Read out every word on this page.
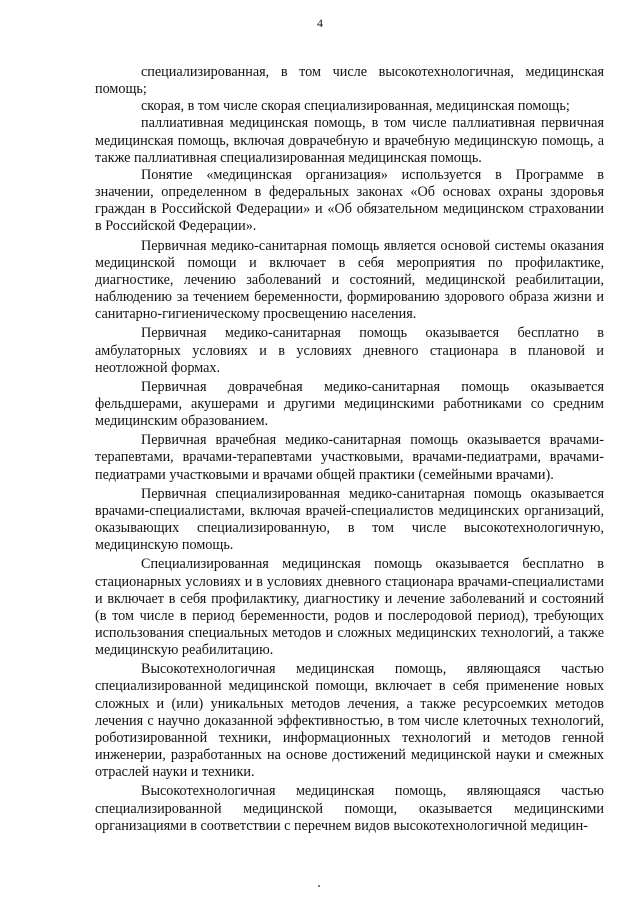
4

специализированная, в том числе высокотехнологичная, медицинская помощь;

скорая, в том числе скорая специализированная, медицинская помощь;

паллиативная медицинская помощь, в том числе паллиативная первичная медицинская помощь, включая доврачебную и врачебную медицинскую помощь, а также паллиативная специализированная медицинская помощь.

Понятие «медицинская организация» используется в Программе в значении, определенном в федеральных законах «Об основах охраны здоровья граждан в Российской Федерации» и «Об обязательном медицинском страховании в Российской Федерации».

Первичная медико-санитарная помощь является основой системы оказания медицинской помощи и включает в себя мероприятия по профилактике, диагностике, лечению заболеваний и состояний, медицинской реабилитации, наблюдению за течением беременности, формированию здорового образа жизни и санитарно-гигиеническому просвещению населения.

Первичная медико-санитарная помощь оказывается бесплатно в амбулаторных условиях и в условиях дневного стационара в плановой и неотложной формах.

Первичная доврачебная медико-санитарная помощь оказывается фельдшерами, акушерами и другими медицинскими работниками со средним медицинским образованием.

Первичная врачебная медико-санитарная помощь оказывается врачами-терапевтами, врачами-терапевтами участковыми, врачами-педиатрами, врачами-педиатрами участковыми и врачами общей практики (семейными врачами).

Первичная специализированная медико-санитарная помощь оказывается врачами-специалистами, включая врачей-специалистов медицинских организаций, оказывающих специализированную, в том числе высокотехнологичную, медицинскую помощь.

Специализированная медицинская помощь оказывается бесплатно в стационарных условиях и в условиях дневного стационара врачами-специалистами и включает в себя профилактику, диагностику и лечение заболеваний и состояний (в том числе в период беременности, родов и послеродовой период), требующих использования специальных методов и сложных медицинских технологий, а также медицинскую реабилитацию.

Высокотехнологичная медицинская помощь, являющаяся частью специализированной медицинской помощи, включает в себя применение новых сложных и (или) уникальных методов лечения, а также ресурсоемких методов лечения с научно доказанной эффективностью, в том числе клеточных технологий, роботизированной техники, информационных технологий и методов генной инженерии, разработанных на основе достижений медицинской науки и смежных отраслей науки и техники.

Высокотехнологичная медицинская помощь, являющаяся частью специализированной медицинской помощи, оказывается медицинскими организациями в соответствии с перечнем видов высокотехнологичной медицин-
